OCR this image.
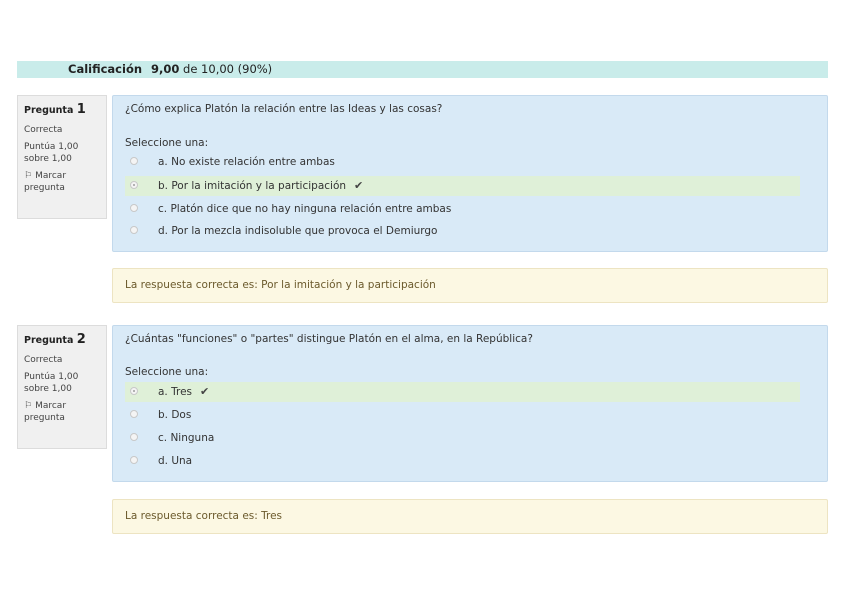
Calificación 9,00 de 10,00 (90%)
Pregunta 1
Correcta
Puntúa 1,00
sobre 1,00
⚐ Marcar
pregunta
¿Cómo explica Platón la relación entre las Ideas y las cosas?
Seleccione una:
a. No existe relación entre ambas
b. Por la imitación y la participación ✔
c. Platón dice que no hay ninguna relación entre ambas
d. Por la mezcla indisoluble que provoca el Demiurgo
La respuesta correcta es: Por la imitación y la participación
Pregunta 2
Correcta
Puntúa 1,00
sobre 1,00
⚐ Marcar
pregunta
¿Cuántas "funciones" o "partes" distingue Platón en el alma, en la República?
Seleccione una:
a. Tres ✔
b. Dos
c. Ninguna
d. Una
La respuesta correcta es: Tres
